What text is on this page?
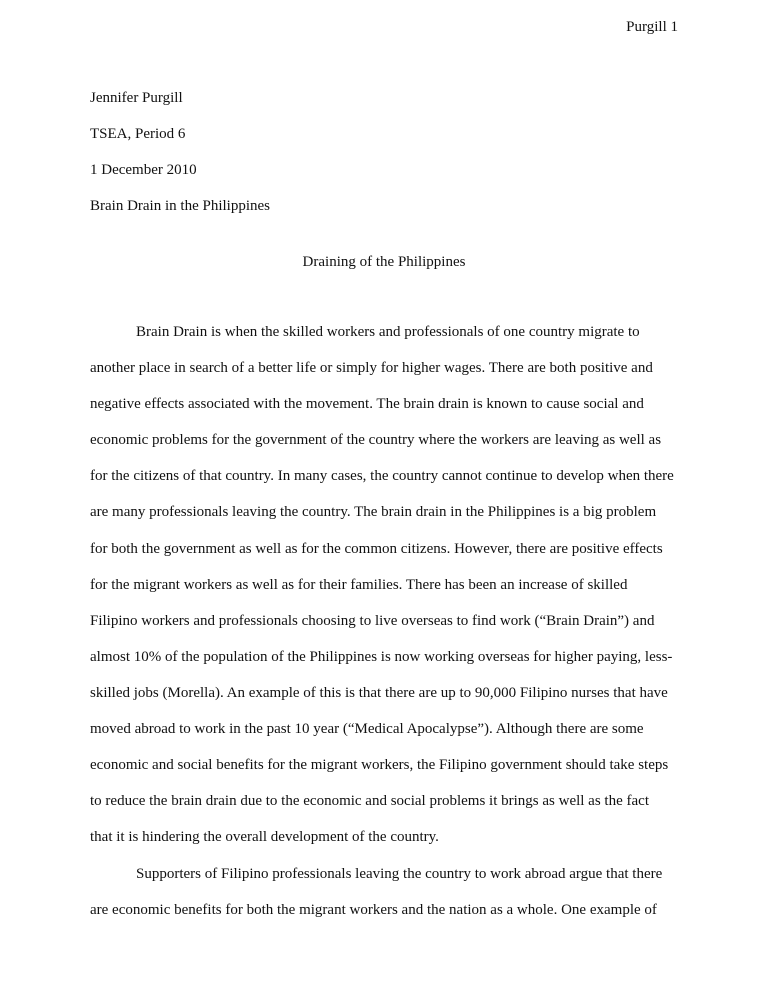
Purgill 1
Jennifer Purgill
TSEA, Period 6
1 December 2010
Brain Drain in the Philippines
Draining of the Philippines
Brain Drain is when the skilled workers and professionals of one country migrate to
another place in search of a better life or simply for higher wages. There are both positive and
negative effects associated with the movement. The brain drain is known to cause social and
economic problems for the government of the country where the workers are leaving as well as
for the citizens of that country. In many cases, the country cannot continue to develop when there
are many professionals leaving the country. The brain drain in the Philippines is a big problem
for both the government as well as for the common citizens. However, there are positive effects
for the migrant workers as well as for their families. There has been an increase of skilled
Filipino workers and professionals choosing to live overseas to find work (“Brain Drain”) and
almost 10% of the population of the Philippines is now working overseas for higher paying, less-
skilled jobs (Morella). An example of this is that there are up to 90,000 Filipino nurses that have
moved abroad to work in the past 10 year (“Medical Apocalypse”). Although there are some
economic and social benefits for the migrant workers, the Filipino government should take steps
to reduce the brain drain due to the economic and social problems it brings as well as the fact
that it is hindering the overall development of the country.
Supporters of Filipino professionals leaving the country to work abroad argue that there
are economic benefits for both the migrant workers and the nation as a whole. One example of
